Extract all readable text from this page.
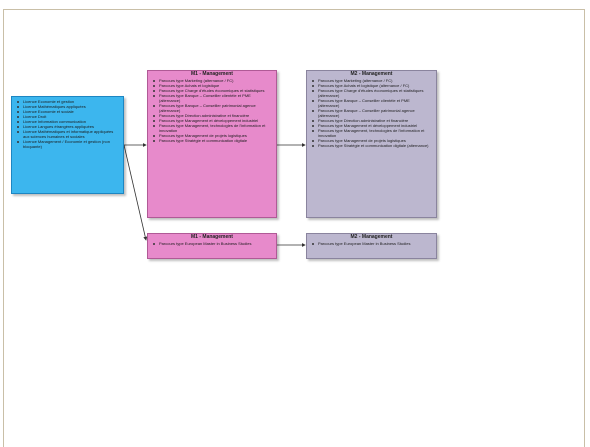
Licence Economie et gestion
Licence Mathématiques appliquées
Licence Economie et sociale
Licence Droit
Licence Information communication
Licence Langues étrangères appliquées
Licence Mathématiques et informatique appliquées aux sciences humaines et sociales
Licence Management / Economie et gestion (non bloquante)
M1 - Management
Parcours type Marketing (alternance / FC)
Parcours type Achats et logistique
Parcours type Charge d'études économiques et statistiques
Parcours type Banque – Conseiller clientèle et PME (alternance)
Parcours type Banque – Conseiller patrimonial agence (alternance)
Parcours type Direction administrative et financière
Parcours type Management et développement industriel
Parcours type Management, technologies de l'information et innovation
Parcours type Management de projets logistiques
Parcours type Stratégie et communication digitale
M2 - Management
Parcours type Marketing (alternance / FC)
Parcours type Achats et logistique (alternance / FC)
Parcours type Charge d'études économiques et statistiques (alternance)
Parcours type Banque – Conseiller clientèle et PME (alternance)
Parcours type Banque – Conseiller patrimonial agence (alternance)
Parcours type Direction administrative et financière
Parcours type Management et développement industriel
Parcours type Management, technologies de l'information et innovation
Parcours type Management de projets logistiques
Parcours type Stratégie et communication digitale (alternance)
M1 - Management
Parcours type European Master in Business Studies
M2 - Management
Parcours type European Master in Business Studies
